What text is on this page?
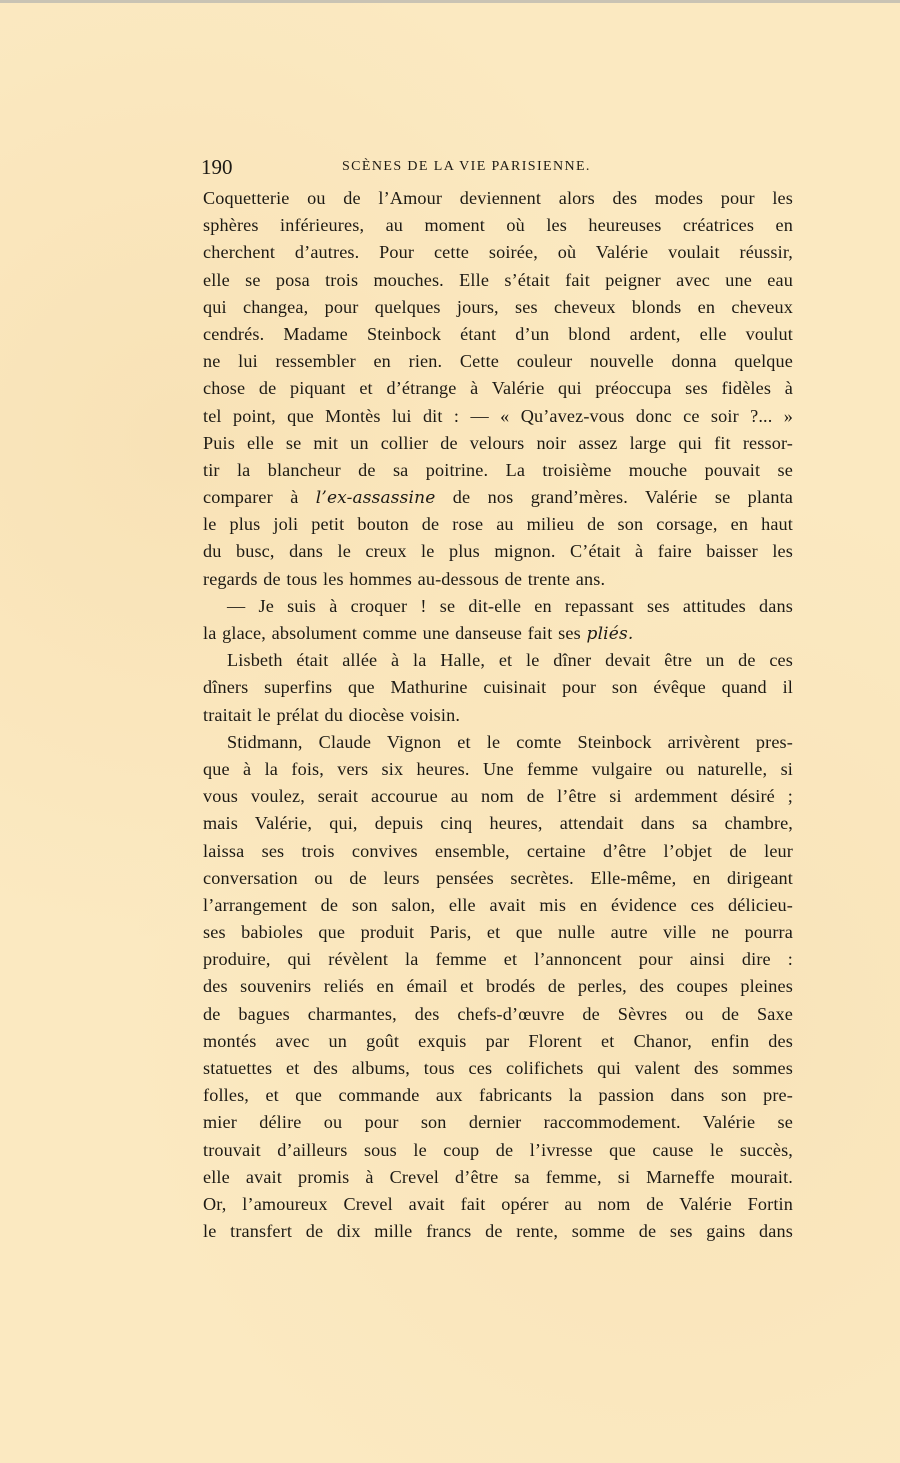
190	SCÈNES DE LA VIE PARISIENNE.
Coquetterie ou de l’Amour deviennent alors des modes pour les
sphères inférieures, au moment où les heureuses créatrices en
cherchent d’autres. Pour cette soirée, où Valérie voulait réussir,
elle se posa trois mouches. Elle s’était fait peigner avec une eau
qui changea, pour quelques jours, ses cheveux blonds en cheveux
cendrés. Madame Steinbock étant d’un blond ardent, elle voulut
ne lui ressembler en rien. Cette couleur nouvelle donna quelque
chose de piquant et d’étrange à Valérie qui préoccupa ses fidèles à
tel point, que Montès lui dit : — « Qu’avez-vous donc ce soir ?... »
Puis elle se mit un collier de velours noir assez large qui fit ressor-
tir la blancheur de sa poitrine. La troisième mouche pouvait se
comparer à l’ex-assassine de nos grand’mères. Valérie se planta
le plus joli petit bouton de rose au milieu de son corsage, en haut
du busc, dans le creux le plus mignon. C’était à faire baisser les
regards de tous les hommes au-dessous de trente ans.
— Je suis à croquer ! se dit-elle en repassant ses attitudes dans
la glace, absolument comme une danseuse fait ses pliés.
Lisbeth était allée à la Halle, et le dîner devait être un de ces
dîners superfins que Mathurine cuisinait pour son évêque quand il
traitait le prélat du diocèse voisin.
Stidmann, Claude Vignon et le comte Steinbock arrivèrent pres-
que à la fois, vers six heures. Une femme vulgaire ou naturelle, si
vous voulez, serait accourue au nom de l’être si ardemment désiré ;
mais Valérie, qui, depuis cinq heures, attendait dans sa chambre,
laissa ses trois convives ensemble, certaine d’être l’objet de leur
conversation ou de leurs pensées secrètes. Elle-même, en dirigeant
l’arrangement de son salon, elle avait mis en évidence ces délicieu-
ses babioles que produit Paris, et que nulle autre ville ne pourra
produire, qui révèlent la femme et l’annoncent pour ainsi dire :
des souvenirs reliés en émail et brodés de perles, des coupes pleines
de bagues charmantes, des chefs-d’œuvre de Sèvres ou de Saxe
montés avec un goût exquis par Florent et Chanor, enfin des
statuettes et des albums, tous ces colifichets qui valent des sommes
folles, et que commande aux fabricants la passion dans son pre-
mier délire ou pour son dernier raccommodement. Valérie se
trouvait d’ailleurs sous le coup de l’ivresse que cause le succès,
elle avait promis à Crevel d’être sa femme, si Marneffe mourait.
Or, l’amoureux Crevel avait fait opérer au nom de Valérie Fortin
le transfert de dix mille francs de rente, somme de ses gains dans
